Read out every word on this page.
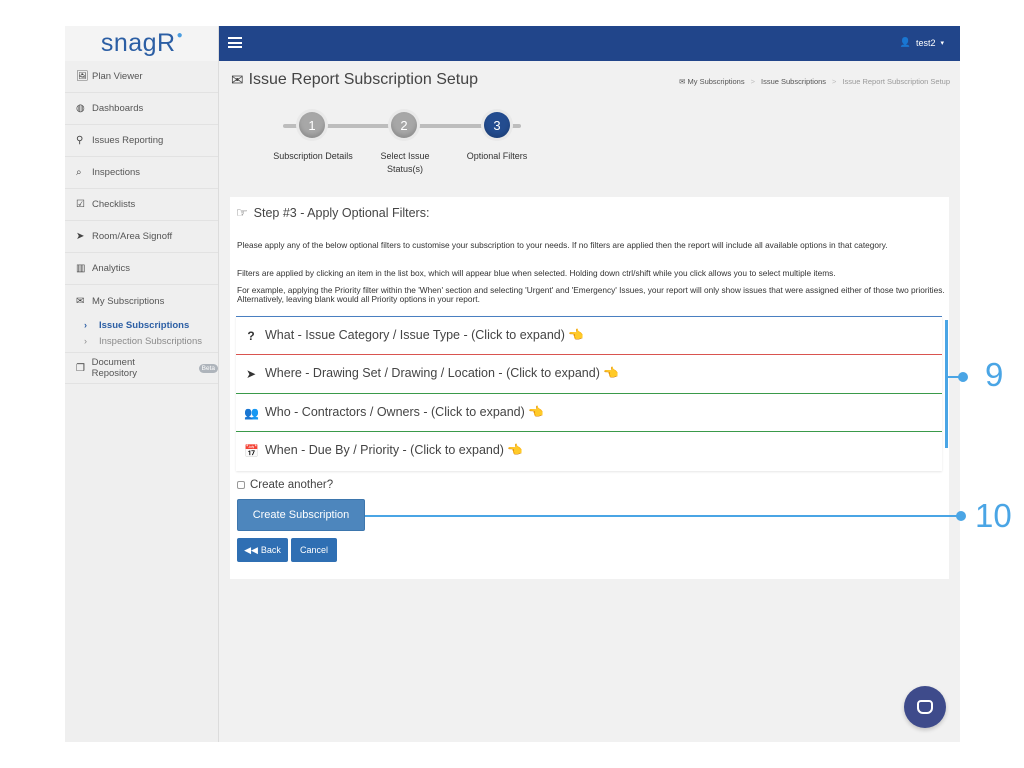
snagR ●
🖼 Plan Viewer
◍ Dashboards
⚲ Issues Reporting
⌕	Inspections
☑ Checklists
➤ Room/Area Signoff
▥ Analytics
✉ My Subscriptions
›	Issue Subscriptions
›	Inspection Subscriptions
❐ Document Repository	Beta
👤 test2 ▾
✉ Issue Report Subscription Setup	✉ My Subscriptions > Issue Subscriptions > Issue Report Subscription Setup
1	2	3
Subscription Details	Select Issue Status(s)
Optional Filters
☞ Step #3 - Apply Optional Filters:
Please apply any of the below optional filters to customise your subscription to your needs. If no filters are applied then the report will include all available options in that category.
Filters are applied by clicking an item in the list box, which will appear blue when selected. Holding down ctrl/shift while you click allows you to select multiple items.
For example, applying the Priority filter within the 'When' section and selecting 'Urgent' and 'Emergency' Issues, your report will only show issues that were assigned either of those two priorities. Alternatively, leaving blank would all Priority options in your report.
? What - Issue Category / Issue Type - (Click to expand) 👈
➤ Where - Drawing Set / Drawing / Location - (Click to expand) 👈
👥 Who - Contractors / Owners - (Click to expand) 👈
📅 When - Due By / Priority - (Click to expand) 👈
Create another?
Create Subscription
◀◀ Back	Cancel
9
10
